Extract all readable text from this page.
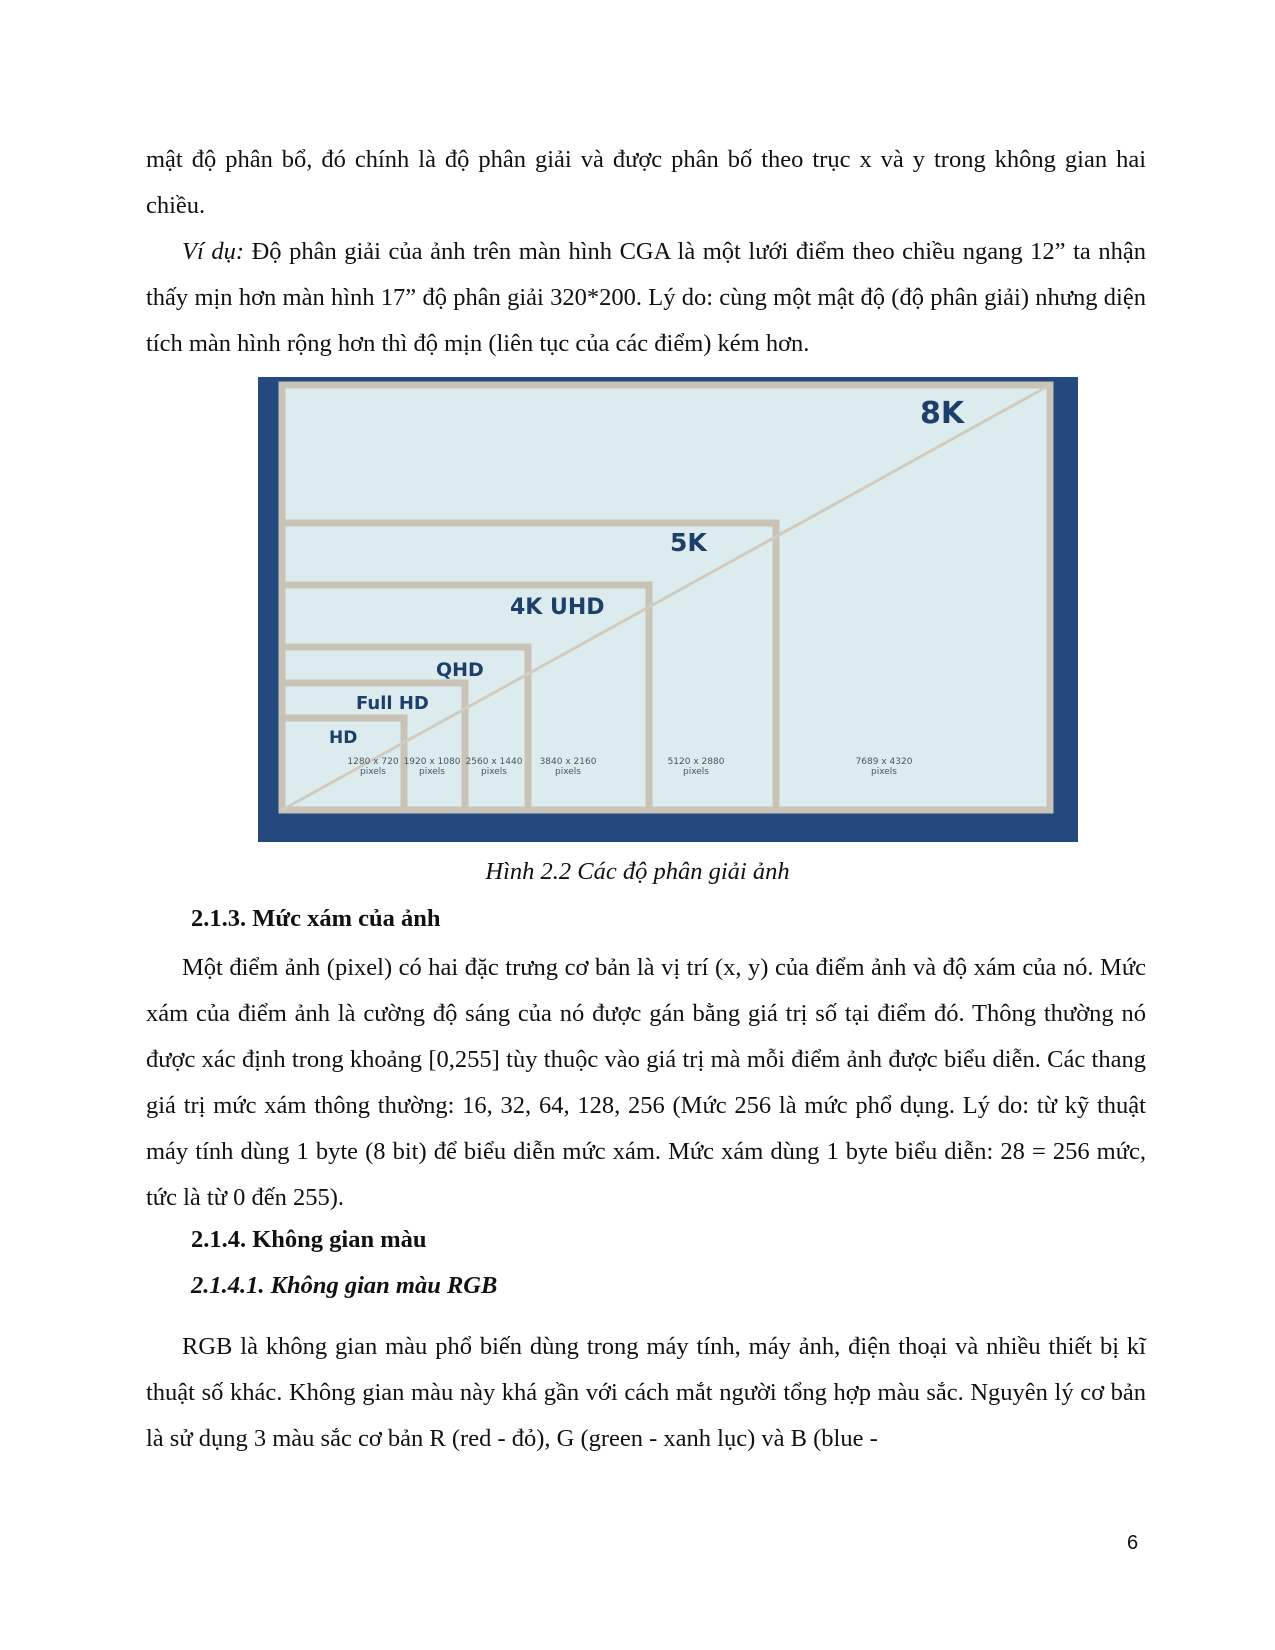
mật độ phân bổ, đó chính là độ phân giải và được phân bố theo trục x và y trong không gian hai chiều.

Ví dụ: Độ phân giải của ảnh trên màn hình CGA là một lưới điểm theo chiều ngang 12” ta nhận thấy mịn hơn màn hình 17” độ phân giải 320*200. Lý do: cùng một mật độ (độ phân giải) nhưng diện tích màn hình rộng hơn thì độ mịn (liên tục của các điểm) kém hơn.

8K
5K
4K UHD
QHD
Full HD
HD
1280 x 720
pixels
1920 x 1080
pixels
2560 x 1440
pixels
3840 x 2160
pixels
5120 x 2880
pixels
7689 x 4320
pixels
Hình 2.2 Các độ phân giải ảnh
2.1.3. Mức xám của ảnh

Một điểm ảnh (pixel) có hai đặc trưng cơ bản là vị trí (x, y) của điểm ảnh và độ xám của nó. Mức xám của điểm ảnh là cường độ sáng của nó được gán bằng giá trị số tại điểm đó. Thông thường nó được xác định trong khoảng [0,255] tùy thuộc vào giá trị mà mỗi điểm ảnh được biểu diễn. Các thang giá trị mức xám thông thường: 16, 32, 64, 128, 256 (Mức 256 là mức phổ dụng. Lý do: từ kỹ thuật máy tính dùng 1 byte (8 bit) để biểu diễn mức xám. Mức xám dùng 1 byte biểu diễn: 28 = 256 mức, tức là từ 0 đến 255).

2.1.4. Không gian màu
2.1.4.1. Không gian màu RGB

RGB là không gian màu phổ biến dùng trong máy tính, máy ảnh, điện thoại và nhiều thiết bị kĩ thuật số khác. Không gian màu này khá gần với cách mắt người tổng hợp màu sắc. Nguyên lý cơ bản là sử dụng 3 màu sắc cơ bản R (red - đỏ), G (green - xanh lục) và B (blue -

6
